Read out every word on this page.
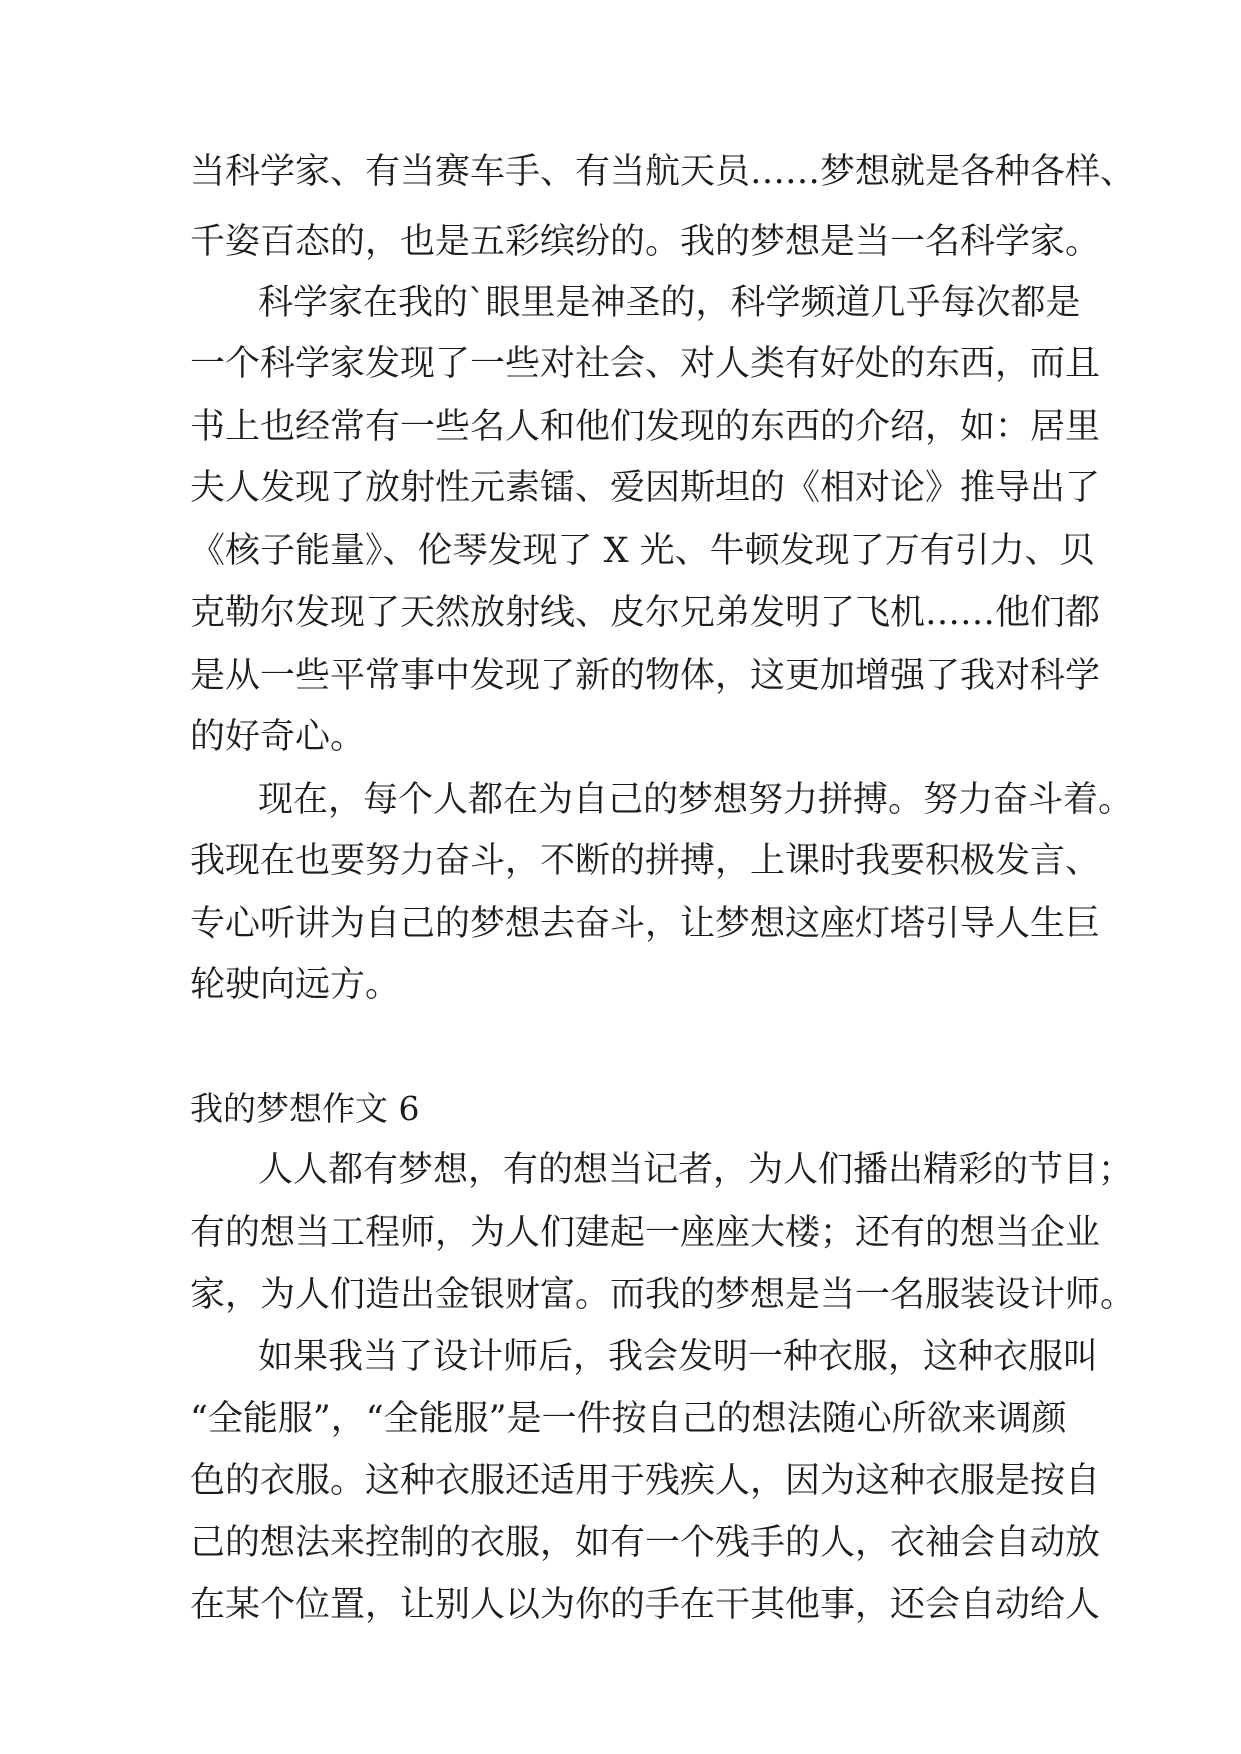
当科学家、有当赛车手、有当航天员……梦想就是各种各样、

千姿百态的，也是五彩缤纷的。我的梦想是当一名科学家。

科学家在我的`眼里是神圣的，科学频道几乎每次都是

一个科学家发现了一些对社会、对人类有好处的东西，而且

书上也经常有一些名人和他们发现的东西的介绍，如：居里

夫人发现了放射性元素镭、爱因斯坦的《相对论》推导出了

《核子能量》、伦琴发现了 X 光、牛顿发现了万有引力、贝

克勒尔发现了天然放射线、皮尔兄弟发明了飞机……他们都

是从一些平常事中发现了新的物体，这更加增强了我对科学

的好奇心。

现在，每个人都在为自己的梦想努力拼搏。努力奋斗着。

我现在也要努力奋斗，不断的拼搏，上课时我要积极发言、

专心听讲为自己的梦想去奋斗，让梦想这座灯塔引导人生巨

轮驶向远方。

我的梦想作文 6

人人都有梦想，有的想当记者，为人们播出精彩的节目；

有的想当工程师，为人们建起一座座大楼；还有的想当企业

家，为人们造出金银财富。而我的梦想是当一名服装设计师。

如果我当了设计师后，我会发明一种衣服，这种衣服叫

“全能服”，“全能服”是一件按自己的想法随心所欲来调颜

色的衣服。这种衣服还适用于残疾人，因为这种衣服是按自

己的想法来控制的衣服，如有一个残手的人，衣袖会自动放

在某个位置，让别人以为你的手在干其他事，还会自动给人
